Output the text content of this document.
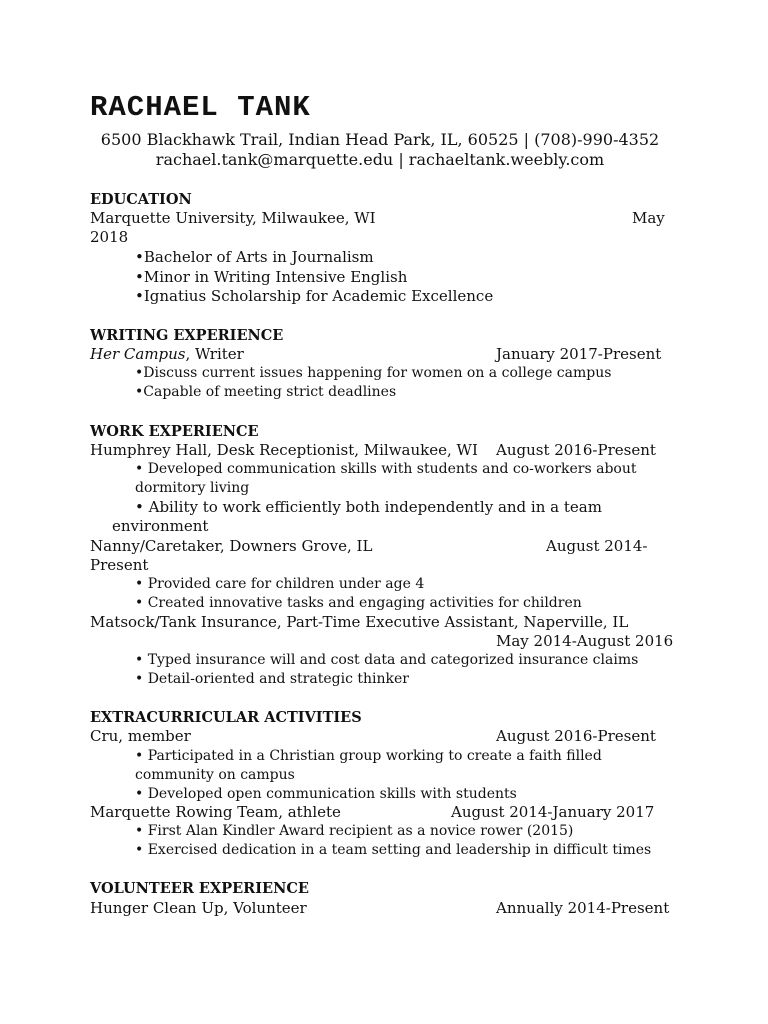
RACHAEL TANK
6500 Blackhawk Trail, Indian Head Park, IL, 60525 | (708)-990-4352
rachael.tank@marquette.edu | rachaeltank.weebly.com
EDUCATION
Marquette University, Milwaukee, WI	May
2018
•Bachelor of Arts in Journalism
•Minor in Writing Intensive English
•Ignatius Scholarship for Academic Excellence
WRITING EXPERIENCE
Her Campus, Writer	January 2017-Present
•Discuss current issues happening for women on a college campus
•Capable of meeting strict deadlines
WORK EXPERIENCE
Humphrey Hall, Desk Receptionist, Milwaukee, WI August 2016-Present
• Developed communication skills with students and co-workers about
dormitory living
• Ability to work efficiently both independently and in a team
environment
Nanny/Caretaker, Downers Grove, IL	August 2014-
Present
• Provided care for children under age 4
• Created innovative tasks and engaging activities for children
Matsock/Tank Insurance, Part-Time Executive Assistant, Naperville, IL
May 2014-August 2016
• Typed insurance will and cost data and categorized insurance claims
• Detail-oriented and strategic thinker
EXTRACURRICULAR ACTIVITIES
Cru, member	August 2016-Present
• Participated in a Christian group working to create a faith filled
community on campus
• Developed open communication skills with students
Marquette Rowing Team, athlete	August 2014-January 2017
• First Alan Kindler Award recipient as a novice rower (2015)
• Exercised dedication in a team setting and leadership in difficult times
VOLUNTEER EXPERIENCE
Hunger Clean Up, Volunteer	Annually 2014-Present
